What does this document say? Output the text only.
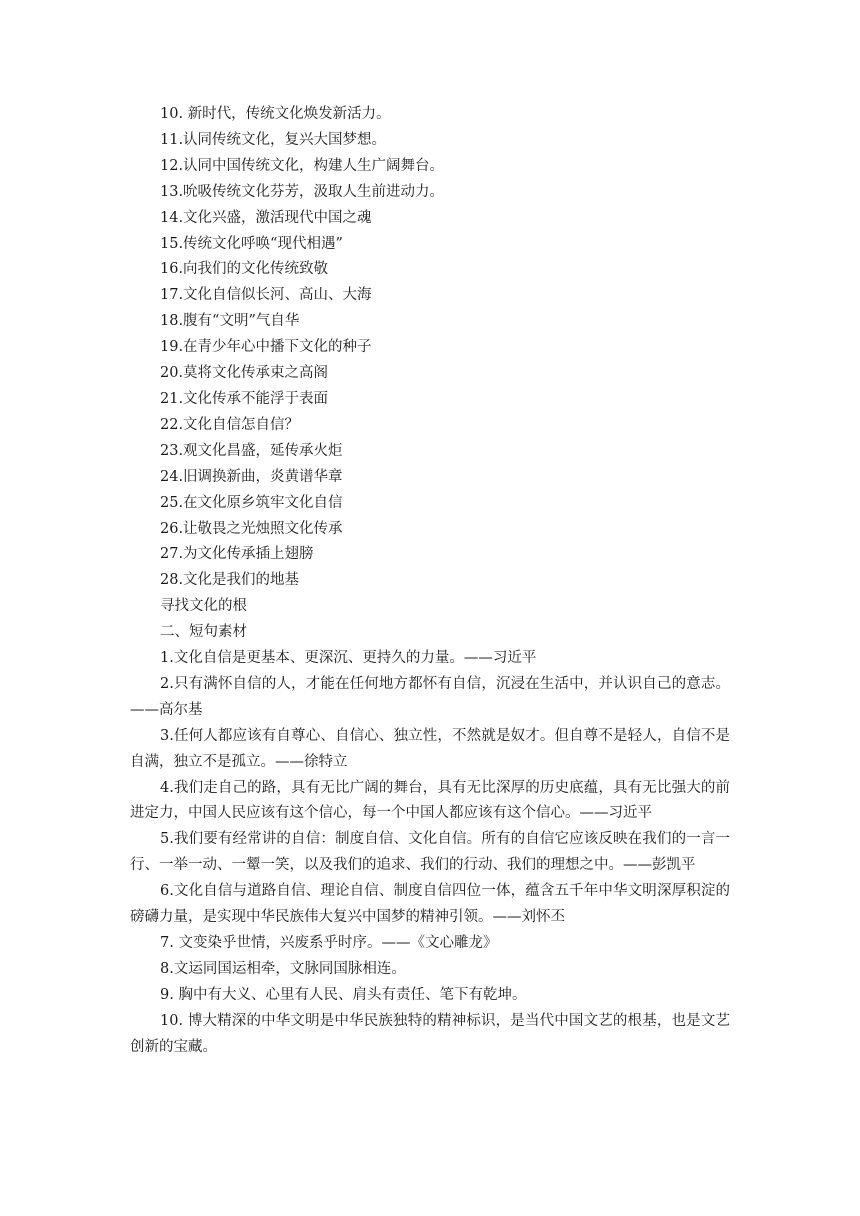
10. 新时代，传统文化焕发新活力。
11.认同传统文化，复兴大国梦想。
12.认同中国传统文化，构建人生广阔舞台。
13.吮吸传统文化芬芳，汲取人生前进动力。
14.文化兴盛，激活现代中国之魂
15.传统文化呼唤“现代相遇”
16.向我们的文化传统致敬
17.文化自信似长河、高山、大海
18.腹有“文明”气自华
19.在青少年心中播下文化的种子
20.莫将文化传承束之高阁
21.文化传承不能浮于表面
22.文化自信怎自信？
23.观文化昌盛，延传承火炬
24.旧调换新曲，炎黄谱华章
25.在文化原乡筑牢文化自信
26.让敬畏之光烛照文化传承
27.为文化传承插上翅膀
28.文化是我们的地基
寻找文化的根
二、短句素材

1.文化自信是更基本、更深沉、更持久的力量。——习近平

2.只有满怀自信的人，才能在任何地方都怀有自信，沉浸在生活中，并认识自己的意志。——高尔基

3.任何人都应该有自尊心、自信心、独立性，不然就是奴才。但自尊不是轻人，自信不是自满，独立不是孤立。——徐特立

4.我们走自己的路，具有无比广阔的舞台，具有无比深厚的历史底蕴，具有无比强大的前进定力，中国人民应该有这个信心，每一个中国人都应该有这个信心。——习近平

5.我们要有经常讲的自信：制度自信、文化自信。所有的自信它应该反映在我们的一言一行、一举一动、一颦一笑，以及我们的追求、我们的行动、我们的理想之中。——彭凯平

6.文化自信与道路自信、理论自信、制度自信四位一体，蕴含五千年中华文明深厚积淀的磅礴力量，是实现中华民族伟大复兴中国梦的精神引领。——刘怀丕

7. 文变染乎世情，兴废系乎时序。——《文心雕龙》

8.文运同国运相牵，文脉同国脉相连。

9. 胸中有大义、心里有人民、肩头有责任、笔下有乾坤。

10. 博大精深的中华文明是中华民族独特的精神标识，是当代中国文艺的根基，也是文艺创新的宝藏。
